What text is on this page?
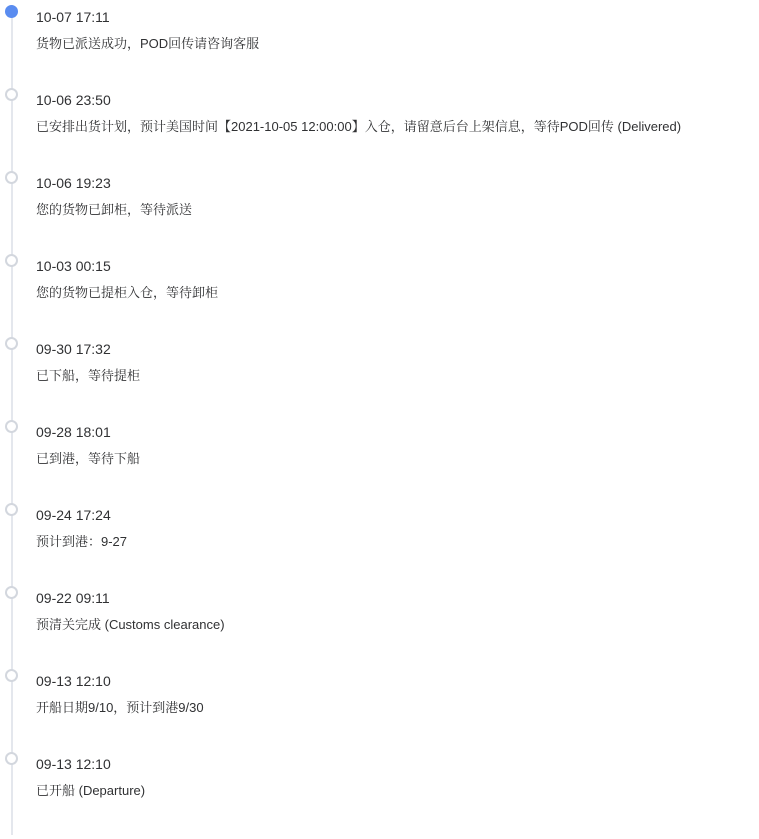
10-07 17:11
货物已派送成功，POD回传请咨询客服
10-06 23:50
已安排出货计划，预计美国时间【2021-10-05 12:00:00】入仓，请留意后台上架信息，等待POD回传 (Delivered)
10-06 19:23
您的货物已卸柜，等待派送
10-03 00:15
您的货物已提柜入仓，等待卸柜
09-30 17:32
已下船，等待提柜
09-28 18:01
已到港，等待下船
09-24 17:24
预计到港：9-27
09-22 09:11
预清关完成 (Customs clearance)
09-13 12:10
开船日期9/10，预计到港9/30
09-13 12:10
已开船 (Departure)
